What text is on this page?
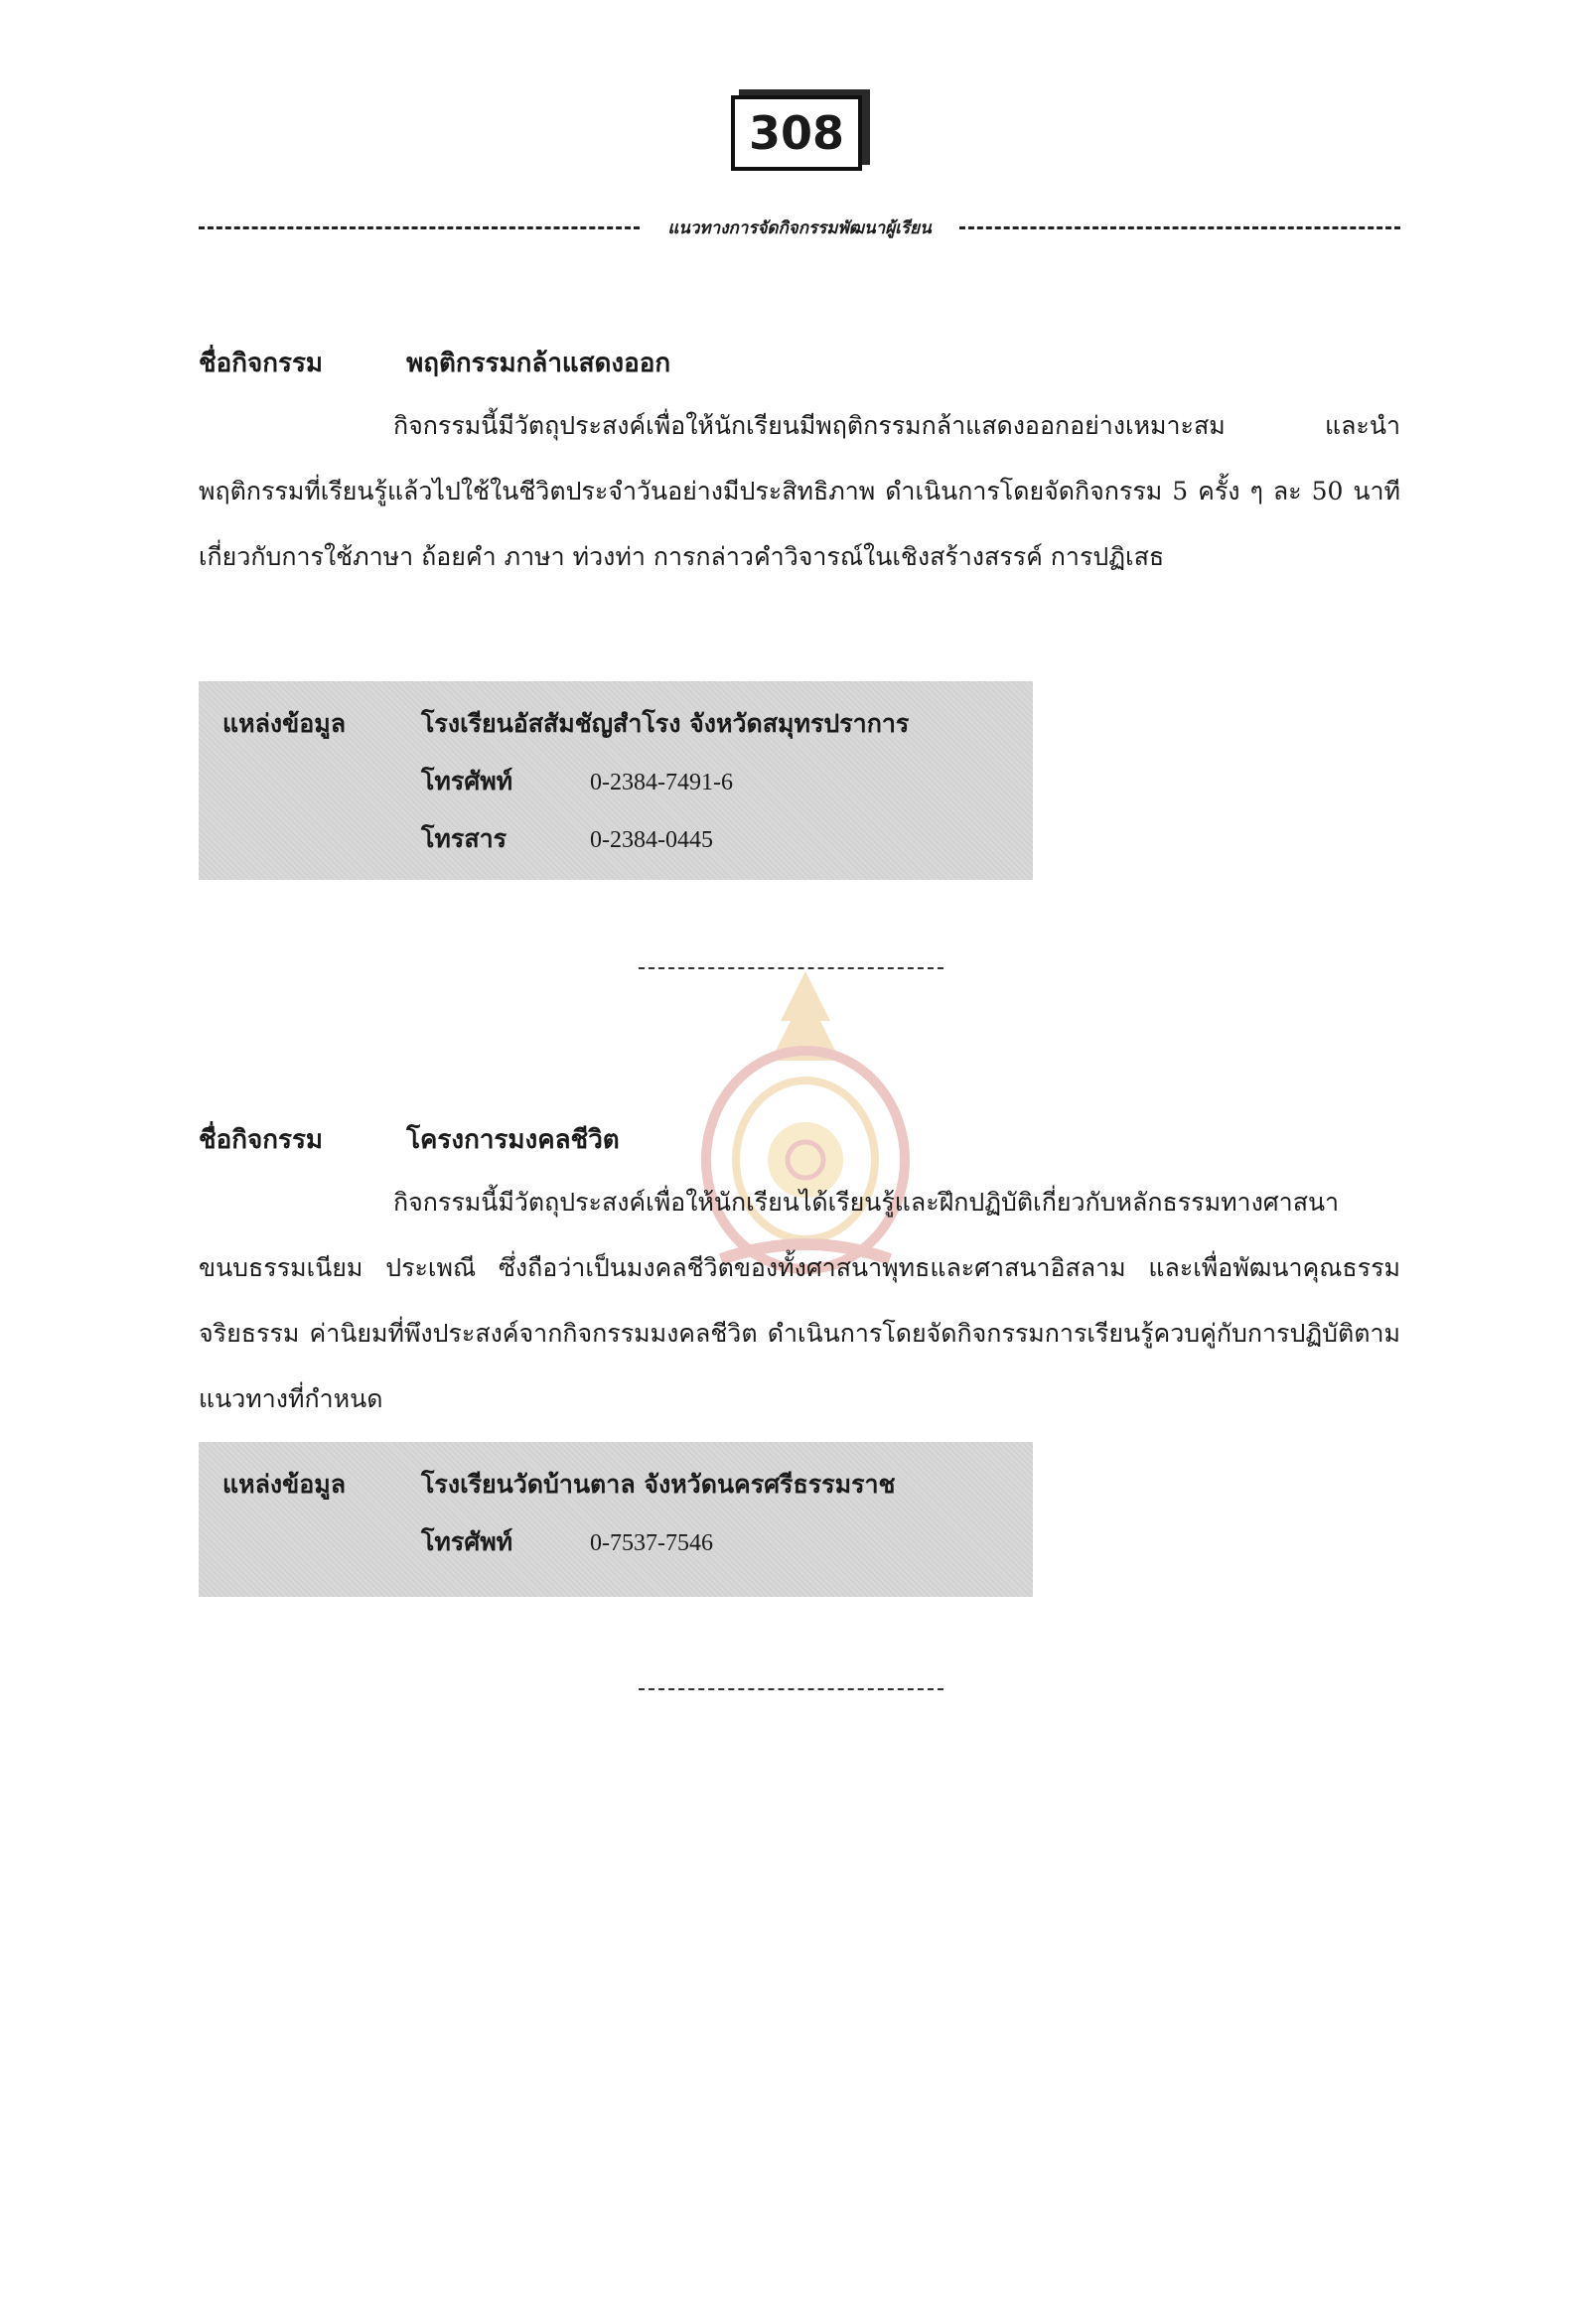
308
แนวทางการจัดกิจกรรมพัฒนาผู้เรียน
ชื่อกิจกรรม	พฤติกรรมกล้าแสดงออก

กิจกรรมนี้มีวัตถุประสงค์เพื่อให้นักเรียนมีพฤติกรรมกล้าแสดงออกอย่างเหมาะสม และนำพฤติกรรมที่เรียนรู้แล้วไปใช้ในชีวิตประจำวันอย่างมีประสิทธิภาพ ดำเนินการโดยจัดกิจกรรม 5 ครั้ง ๆ ละ 50 นาที เกี่ยวกับการใช้ภาษา ถ้อยคำ ภาษา ท่วงท่า การกล่าวคำวิจารณ์ในเชิงสร้างสรรค์ การปฏิเสธ

แหล่งข้อมูล	โรงเรียนอัสสัมชัญสำโรง จังหวัดสมุทรปราการ
โทรศัพท์	0-2384-7491-6
โทรสาร	0-2384-0445
ชื่อกิจกรรม	โครงการมงคลชีวิต

กิจกรรมนี้มีวัตถุประสงค์เพื่อให้นักเรียนได้เรียนรู้และฝึกปฏิบัติเกี่ยวกับหลักธรรมทางศาสนา ขนบธรรมเนียม ประเพณี ซึ่งถือว่าเป็นมงคลชีวิตของทั้งศาสนาพุทธและศาสนาอิสลาม และเพื่อพัฒนาคุณธรรม จริยธรรม ค่านิยมที่พึงประสงค์จากกิจกรรมมงคลชีวิต ดำเนินการโดยจัดกิจกรรมการเรียนรู้ควบคู่กับการปฏิบัติตามแนวทางที่กำหนด

แหล่งข้อมูล	โรงเรียนวัดบ้านตาล จังหวัดนครศรีธรรมราช
โทรศัพท์	0-7537-7546
